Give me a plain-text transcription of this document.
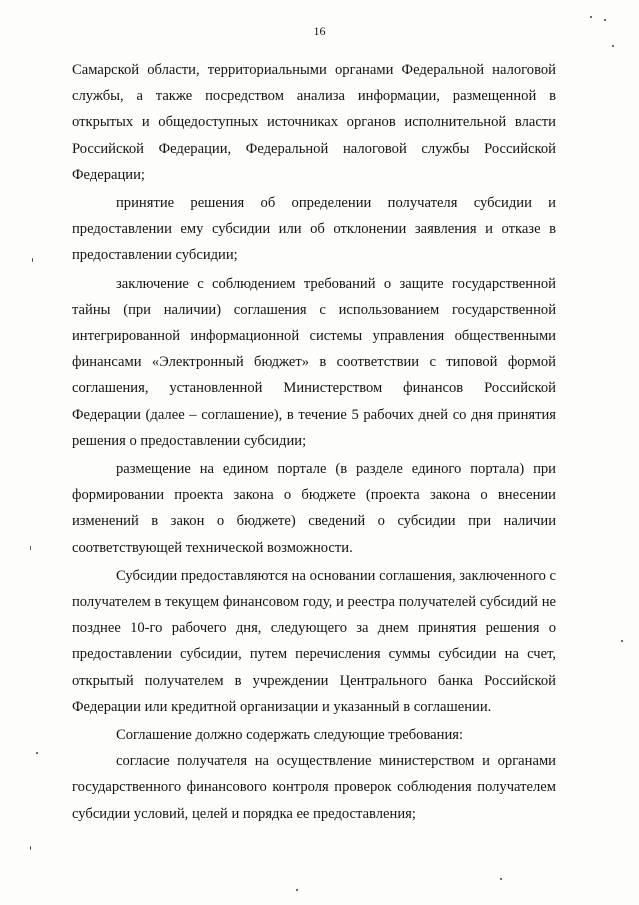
16

Самарской области, территориальными органами Федеральной налоговой службы, а также посредством анализа информации, размещенной в открытых и общедоступных источниках органов исполнительной власти Российской Федерации, Федеральной налоговой службы Российской Федерации;

принятие решения об определении получателя субсидии и предоставлении ему субсидии или об отклонении заявления и отказе в предоставлении субсидии;

заключение с соблюдением требований о защите государственной тайны (при наличии) соглашения с использованием государственной интегрированной информационной системы управления общественными финансами «Электронный бюджет» в соответствии с типовой формой соглашения, установленной Министерством финансов Российской Федерации (далее – соглашение), в течение 5 рабочих дней со дня принятия решения о предоставлении субсидии;

размещение на едином портале (в разделе единого портала) при формировании проекта закона о бюджете (проекта закона о внесении изменений в закон о бюджете) сведений о субсидии при наличии соответствующей технической возможности.

Субсидии предоставляются на основании соглашения, заключенного с получателем в текущем финансовом году, и реестра получателей субсидий не позднее 10-го рабочего дня, следующего за днем принятия решения о предоставлении субсидии, путем перечисления суммы субсидии на счет, открытый получателем в учреждении Центрального банка Российской Федерации или кредитной организации и указанный в соглашении.

Соглашение должно содержать следующие требования:

согласие получателя на осуществление министерством и органами государственного финансового контроля проверок соблюдения получателем субсидии условий, целей и порядка ее предоставления;
